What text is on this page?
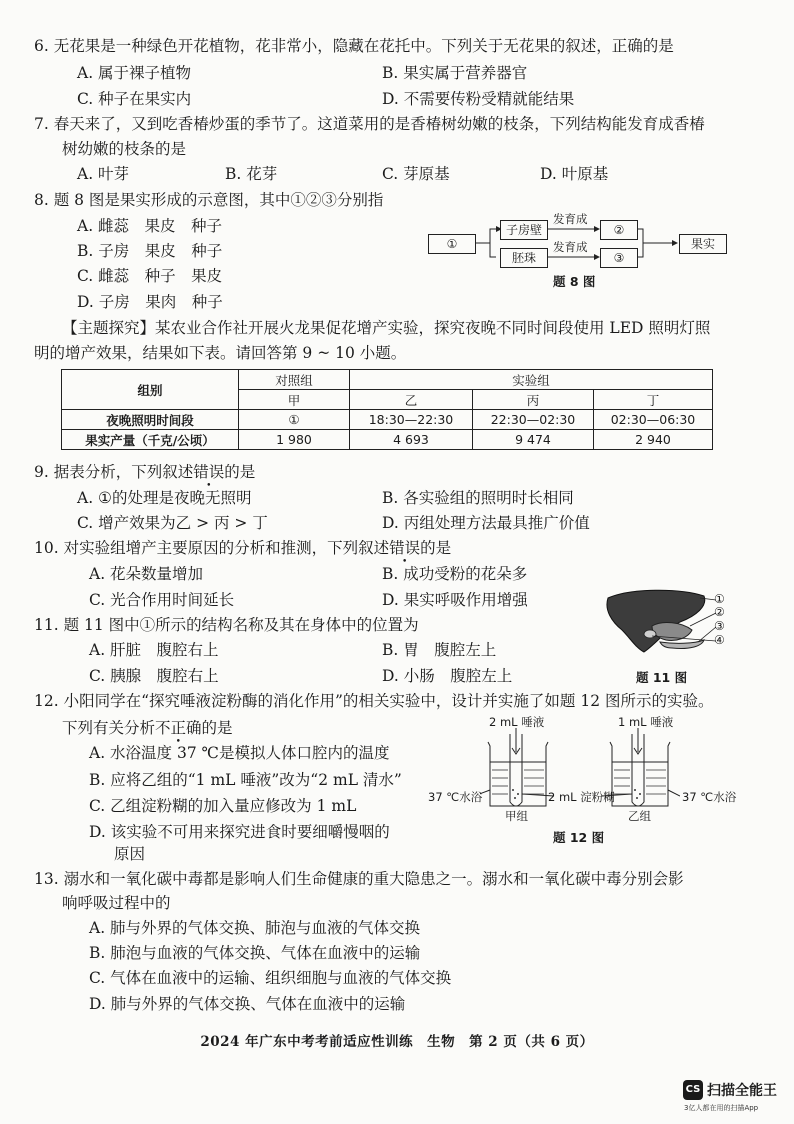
6. 无花果是一种绿色开花植物，花非常小，隐藏在花托中。下列关于无花果的叙述，正确的是
A. 属于裸子植物	B. 果实属于营养器官
C. 种子在果实内	D. 不需要传粉受精就能结果
7. 春天来了，又到吃香椿炒蛋的季节了。这道菜用的是香椿树幼嫩的枝条，下列结构能发育成香椿
树幼嫩的枝条的是
A. 叶芽	B. 花芽	C. 芽原基	D. 叶原基
8. 题 8 图是果实形成的示意图，其中①②③分别指
A. 雌蕊　果皮　种子
B. 子房　果皮　种子
C. 雌蕊　种子　果皮
D. 子房　果肉　种子
①
子房壁
胚珠
发育成
发育成
②
③
果实
题 8 图
【主题探究】某农业合作社开展火龙果促花增产实验，探究夜晚不同时间段使用 LED 照明灯照
明的增产效果，结果如下表。请回答第 9 ~ 10 小题。
组别	对照组	实验组		
	甲	乙	丙	丁
夜晚照明时间段	①	18:30—22:30	22:30—02:30	02:30—06:30
果实产量（千克/公顷）	1 980	4 693	9 474	2 940
9. 据表分析，下列叙述错误的是
A. ①的处理是夜晚无照明	B. 各实验组的照明时长相同
C. 增产效果为乙 > 丙 > 丁	D. 丙组处理方法最具推广价值
10. 对实验组增产主要原因的分析和推测，下列叙述错误的是
A. 花朵数量增加	B. 成功受粉的花朵多
C. 光合作用时间延长	D. 果实呼吸作用增强
11. 题 11 图中①所示的结构名称及其在身体中的位置为
A. 肝脏　腹腔右上	B. 胃　腹腔左上
C. 胰腺　腹腔右上	D. 小肠　腹腔左上
①
②
③
④
题 11 图
12. 小阳同学在“探究唾液淀粉酶的消化作用”的相关实验中，设计并实施了如题 12 图所示的实验。
下列有关分析不正确的是
A. 水浴温度 37 ℃是模拟人体口腔内的温度
B. 应将乙组的“1 mL 唾液”改为“2 mL 清水”
C. 乙组淀粉糊的加入量应修改为 1 mL
D. 该实验不可用来探究进食时要细嚼慢咽的
原因
2 mL 唾液	1 mL 唾液
37 ℃水浴	2 mL 淀粉糊	37 ℃水浴
甲组	乙组
题 12 图
13. 溺水和一氧化碳中毒都是影响人们生命健康的重大隐患之一。溺水和一氧化碳中毒分别会影
响呼吸过程中的
A. 肺与外界的气体交换、肺泡与血液的气体交换
B. 肺泡与血液的气体交换、气体在血液中的运输
C. 气体在血液中的运输、组织细胞与血液的气体交换
D. 肺与外界的气体交换、气体在血液中的运输
2024 年广东中考考前适应性训练　生物　第 2 页（共 6 页）
CS 扫描全能王
3亿人都在用的扫描App
